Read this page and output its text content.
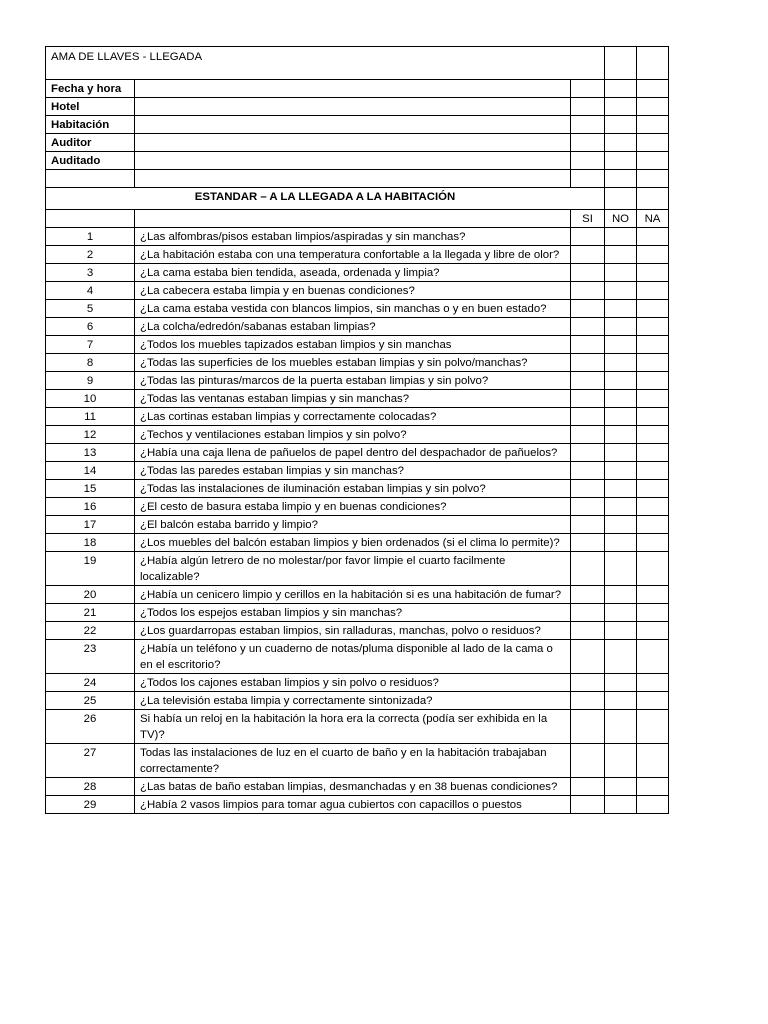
AMA DE LLAVES - LLEGADA				
Fecha y hora				
Hotel				
Habitación				
Auditor				
Auditado				

ESTANDAR – A LA LLEGADA A LA HABITACIÓN				
		SI	NO	NA
1	¿Las alfombras/pisos estaban limpios/aspiradas y sin manchas?			
2	¿La habitación estaba con una temperatura confortable a la llegada y libre de olor?			
3	¿La cama estaba bien tendida, aseada, ordenada y limpia?			
4	¿La cabecera estaba limpia y en buenas condiciones?			
5	¿La cama estaba vestida con blancos limpios, sin manchas o y en buen estado?			
6	¿La colcha/edredón/sabanas estaban limpias?			
7	¿Todos los muebles tapizados estaban limpios y sin manchas			
8	¿Todas las superficies de los muebles estaban limpias y sin polvo/manchas?			
9	¿Todas las pinturas/marcos de la puerta estaban limpias y sin polvo?			
10	¿Todas las ventanas estaban limpias y sin manchas?			
11	¿Las cortinas estaban limpias y correctamente colocadas?			
12	¿Techos y ventilaciones estaban limpios y sin polvo?			
13	¿Había una caja llena de pañuelos de papel dentro del despachador de pañuelos?			
14	¿Todas las paredes estaban limpias y sin manchas?			
15	¿Todas las instalaciones de iluminación estaban limpias y sin polvo?			
16	¿El cesto de basura estaba limpio y en buenas condiciones?			
17	¿El balcón estaba barrido y limpio?			
18	¿Los muebles del balcón estaban limpios y bien ordenados (si el clima lo permite)?			
19	¿Había algún letrero de no molestar/por favor limpie el cuarto facilmente localizable?			
20	¿Había un cenicero limpio y cerillos en la habitación si es una habitación de fumar?			
21	¿Todos los espejos estaban limpios y sin manchas?			
22	¿Los guardarropas estaban limpios, sin ralladuras, manchas, polvo o residuos?			
23	¿Había un teléfono y un cuaderno de notas/pluma disponible al lado de la cama o en el escritorio?			
24	¿Todos los cajones estaban limpios y sin polvo o residuos?			
25	¿La televisión estaba limpia y correctamente sintonizada?			
26	Si había un reloj en la habitación la hora era la correcta (podía ser exhibida en la TV)?			
27	Todas las instalaciones de luz en el cuarto de baño y en la habitación trabajaban correctamente?			
28	¿Las batas de baño estaban limpias, desmanchadas y en 38 buenas condiciones?			
29	¿Había 2 vasos limpios para tomar agua cubiertos con capacillos o puestos			
